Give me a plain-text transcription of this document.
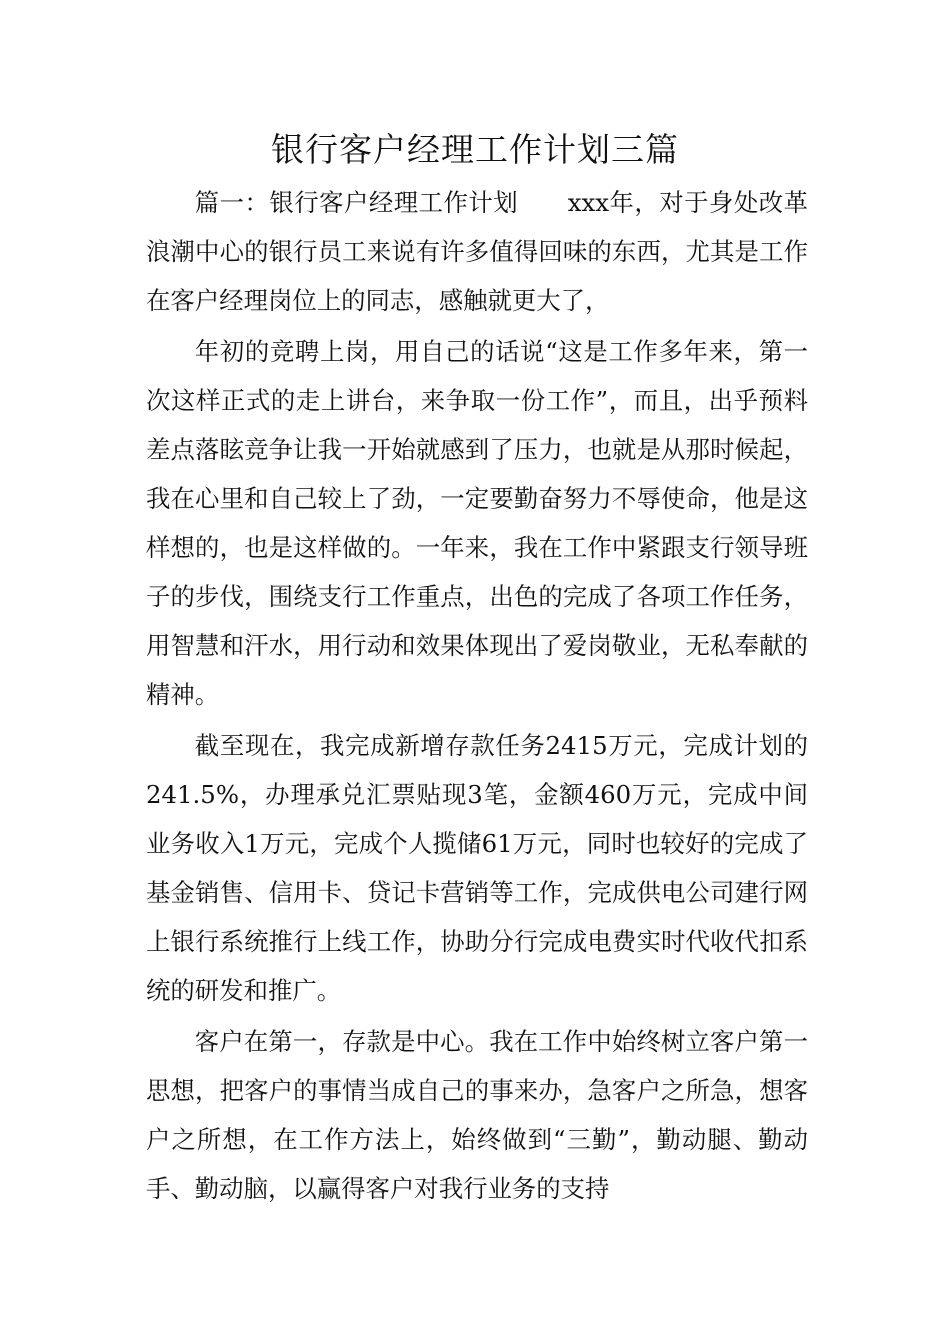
银行客户经理工作计划三篇

篇一：银行客户经理工作计划　　xxx年，对于身处改革浪潮中心的银行员工来说有许多值得回味的东西，尤其是工作在客户经理岗位上的同志，感触就更大了，

年初的竞聘上岗，用自己的话说“这是工作多年来，第一次这样正式的走上讲台，来争取一份工作”，而且，出乎预料差点落眩竞争让我一开始就感到了压力，也就是从那时候起，我在心里和自己较上了劲，一定要勤奋努力不辱使命，他是这样想的，也是这样做的。一年来，我在工作中紧跟支行领导班子的步伐，围绕支行工作重点，出色的完成了各项工作任务，用智慧和汗水，用行动和效果体现出了爱岗敬业，无私奉献的精神。

截至现在，我完成新增存款任务2415万元，完成计划的241.5%，办理承兑汇票贴现3笔，金额460万元，完成中间业务收入1万元，完成个人揽储61万元，同时也较好的完成了基金销售、信用卡、贷记卡营销等工作，完成供电公司建行网上银行系统推行上线工作，协助分行完成电费实时代收代扣系统的研发和推广。

客户在第一，存款是中心。我在工作中始终树立客户第一思想，把客户的事情当成自己的事来办，急客户之所急，想客户之所想，在工作方法上，始终做到“三勤”，勤动腿、勤动手、勤动脑，以赢得客户对我行业务的支持
